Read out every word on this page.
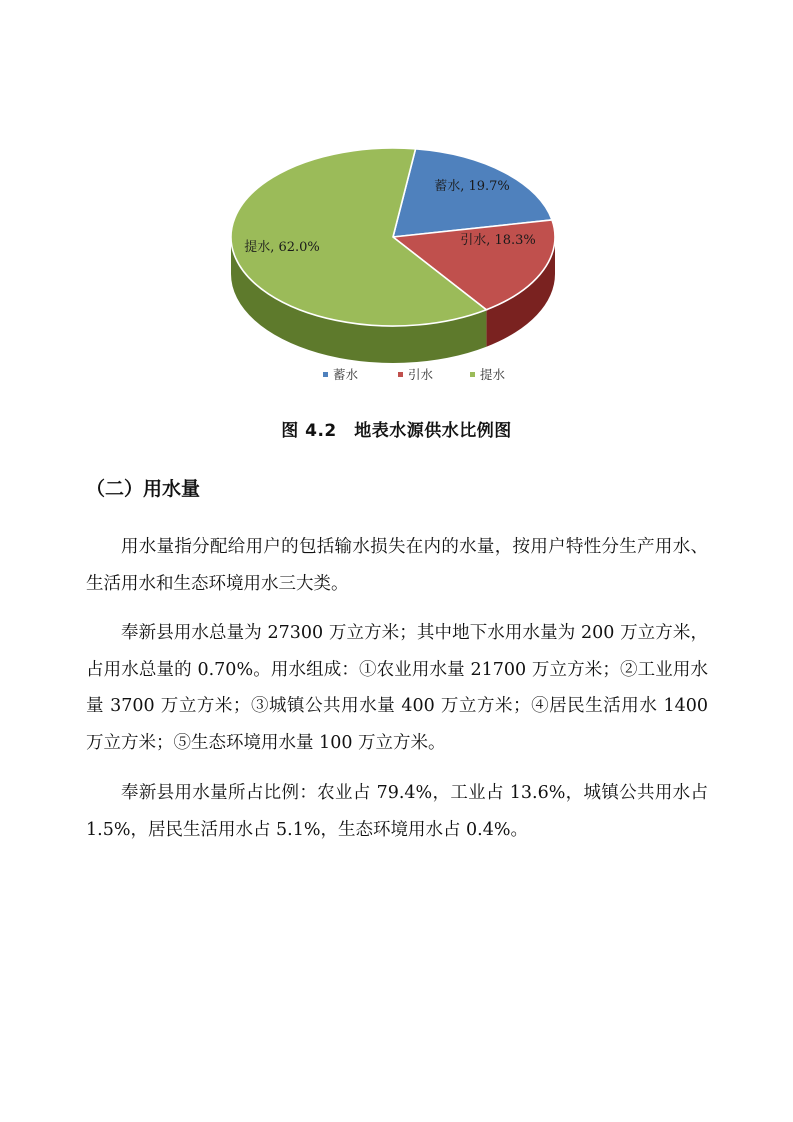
蓄水, 19.7%
引水, 18.3%
提水, 62.0%
蓄水	引水	提水
图 4.2　地表水源供水比例图
（二）用水量

用水量指分配给用户的包括输水损失在内的水量，按用户特性分生产用水、生活用水和生态环境用水三大类。

奉新县用水总量为 27300 万立方米；其中地下水用水量为 200 万立方米，占用水总量的 0.70%。用水组成：①农业用水量 21700 万立方米；②工业用水量 3700 万立方米；③城镇公共用水量 400 万立方米；④居民生活用水 1400 万立方米；⑤生态环境用水量 100 万立方米。

奉新县用水量所占比例：农业占 79.4%，工业占 13.6%，城镇公共用水占 1.5%，居民生活用水占 5.1%，生态环境用水占 0.4%。
